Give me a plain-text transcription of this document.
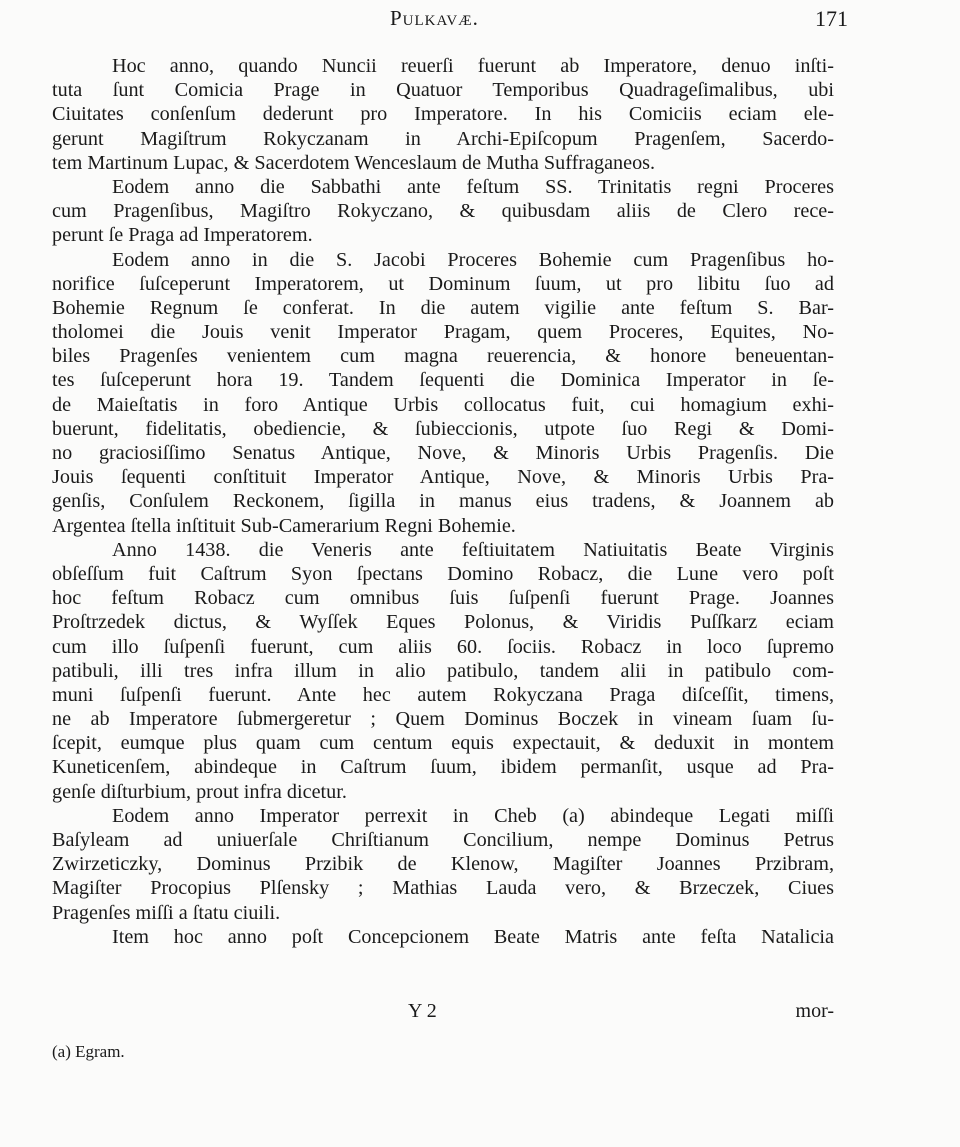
Pulkavæ.	171
Hoc anno, quando Nuncii reuerſi fuerunt ab Imperatore, denuo inſti-
tuta ſunt Comicia Prage in Quatuor Temporibus Quadrageſimalibus, ubi
Ciuitates conſenſum dederunt pro Imperatore. In his Comiciis eciam ele-
gerunt Magiſtrum Rokyczanam in Archi-Epiſcopum Pragenſem, Sacerdo-
tem Martinum Lupac, & Sacerdotem Wenceslaum de Mutha Suffraganeos.
Eodem anno die Sabbathi ante feſtum SS. Trinitatis regni Proceres
cum Pragenſibus, Magiſtro Rokyczano, & quibusdam aliis de Clero rece-
perunt ſe Praga ad Imperatorem.
Eodem anno in die S. Jacobi Proceres Bohemie cum Pragenſibus ho-
norifice ſuſceperunt Imperatorem, ut Dominum ſuum, ut pro libitu ſuo ad
Bohemie Regnum ſe conferat. In die autem vigilie ante feſtum S. Bar-
tholomei die Jouis venit Imperator Pragam, quem Proceres, Equites, No-
biles Pragenſes venientem cum magna reuerencia, & honore beneuentan-
tes ſuſceperunt hora 19. Tandem ſequenti die Dominica Imperator in ſe-
de Maieſtatis in foro Antique Urbis collocatus fuit, cui homagium exhi-
buerunt, fidelitatis, obediencie, & ſubieccionis, utpote ſuo Regi & Domi-
no graciosiſſimo Senatus Antique, Nove, & Minoris Urbis Pragenſis. Die
Jouis ſequenti conſtituit Imperator Antique, Nove, & Minoris Urbis Pra-
genſis, Conſulem Reckonem, ſigilla in manus eius tradens, & Joannem ab
Argentea ſtella inſtituit Sub-Camerarium Regni Bohemie.
Anno 1438. die Veneris ante feſtiuitatem Natiuitatis Beate Virginis
obſeſſum fuit Caſtrum Syon ſpectans Domino Robacz, die Lune vero poſt
hoc feſtum Robacz cum omnibus ſuis ſuſpenſi fuerunt Prage. Joannes
Proſtrzedek dictus, & Wyſſek Eques Polonus, & Viridis Puſſkarz eciam
cum illo ſuſpenſi fuerunt, cum aliis 60. ſociis. Robacz in loco ſupremo
patibuli, illi tres infra illum in alio patibulo, tandem alii in patibulo com-
muni ſuſpenſi fuerunt. Ante hec autem Rokyczana Praga diſceſſit, timens,
ne ab Imperatore ſubmergeretur ; Quem Dominus Boczek in vineam ſuam ſu-
ſcepit, eumque plus quam cum centum equis expectauit, & deduxit in montem
Kuneticenſem, abindeque in Caſtrum ſuum, ibidem permanſit, usque ad Pra-
genſe diſturbium, prout infra dicetur.
Eodem anno Imperator perrexit in Cheb (a) abindeque Legati miſſi
Baſyleam ad uniuerſale Chriſtianum Concilium, nempe Dominus Petrus
Zwirzeticzky, Dominus Przibik de Klenow, Magiſter Joannes Przibram,
Magiſter Procopius Plſensky ; Mathias Lauda vero, & Brzeczek, Ciues
Pragenſes miſſi a ſtatu ciuili.
Item hoc anno poſt Concepcionem Beate Matris ante feſta Natalicia
Y 2	mor-
(a) Egram.
